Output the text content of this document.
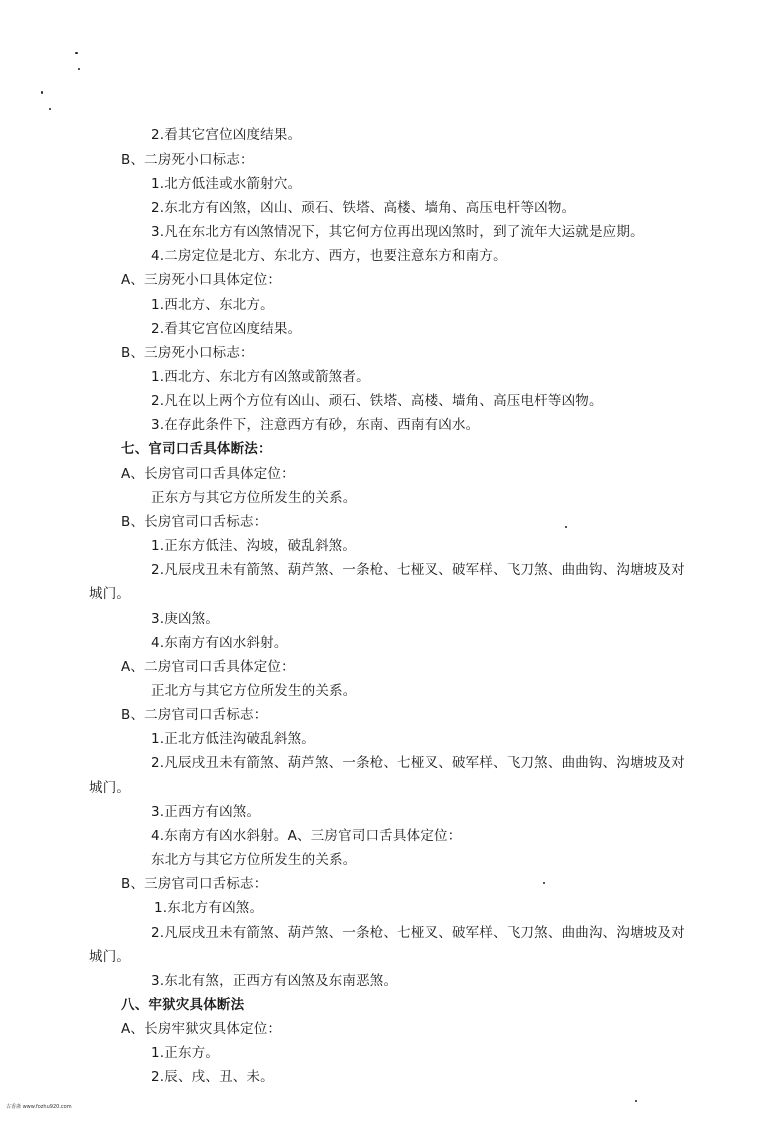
2.看其它宫位凶度结果。
B、二房死小口标志：
1.北方低洼或水箭射穴。
2.东北方有凶煞，凶山、顽石、铁塔、高楼、墙角、高压电杆等凶物。
3.凡在东北方有凶煞情况下，其它何方位再出现凶煞时，到了流年大运就是应期。
4.二房定位是北方、东北方、西方，也要注意东方和南方。
A、三房死小口具体定位：
1.西北方、东北方。
2.看其它宫位凶度结果。
B、三房死小口标志：
1.西北方、东北方有凶煞或箭煞者。
2.凡在以上两个方位有凶山、顽石、铁塔、高楼、墙角、高压电杆等凶物。
3.在存此条件下，注意西方有砂，东南、西南有凶水。
七、官司口舌具体断法：
A、长房官司口舌具体定位：
正东方与其它方位所发生的关系。
B、长房官司口舌标志：
1.正东方低洼、沟坡，破乱斜煞。
2.凡辰戌丑未有箭煞、葫芦煞、一条枪、七桠叉、破军样、飞刀煞、曲曲钩、沟塘坡及对
城门。
3.庚凶煞。
4.东南方有凶水斜射。
A、二房官司口舌具体定位：
正北方与其它方位所发生的关系。
B、二房官司口舌标志：
1.正北方低洼沟破乱斜煞。
2.凡辰戌丑未有箭煞、葫芦煞、一条枪、七桠叉、破军样、飞刀煞、曲曲钩、沟塘坡及对
城门。
3.正西方有凶煞。
4.东南方有凶水斜射。A、三房官司口舌具体定位：
东北方与其它方位所发生的关系。
B、三房官司口舌标志：
1.东北方有凶煞。
2.凡辰戌丑未有箭煞、葫芦煞、一条枪、七桠叉、破军样、飞刀煞、曲曲沟、沟塘坡及对
城门。
3.东北有煞，正西方有凶煞及东南恶煞。
八、牢狱灾具体断法
A、长房牢狱灾具体定位：
1.正东方。
2.辰、戌、丑、未。
古香斋 www.fozhu920.com
